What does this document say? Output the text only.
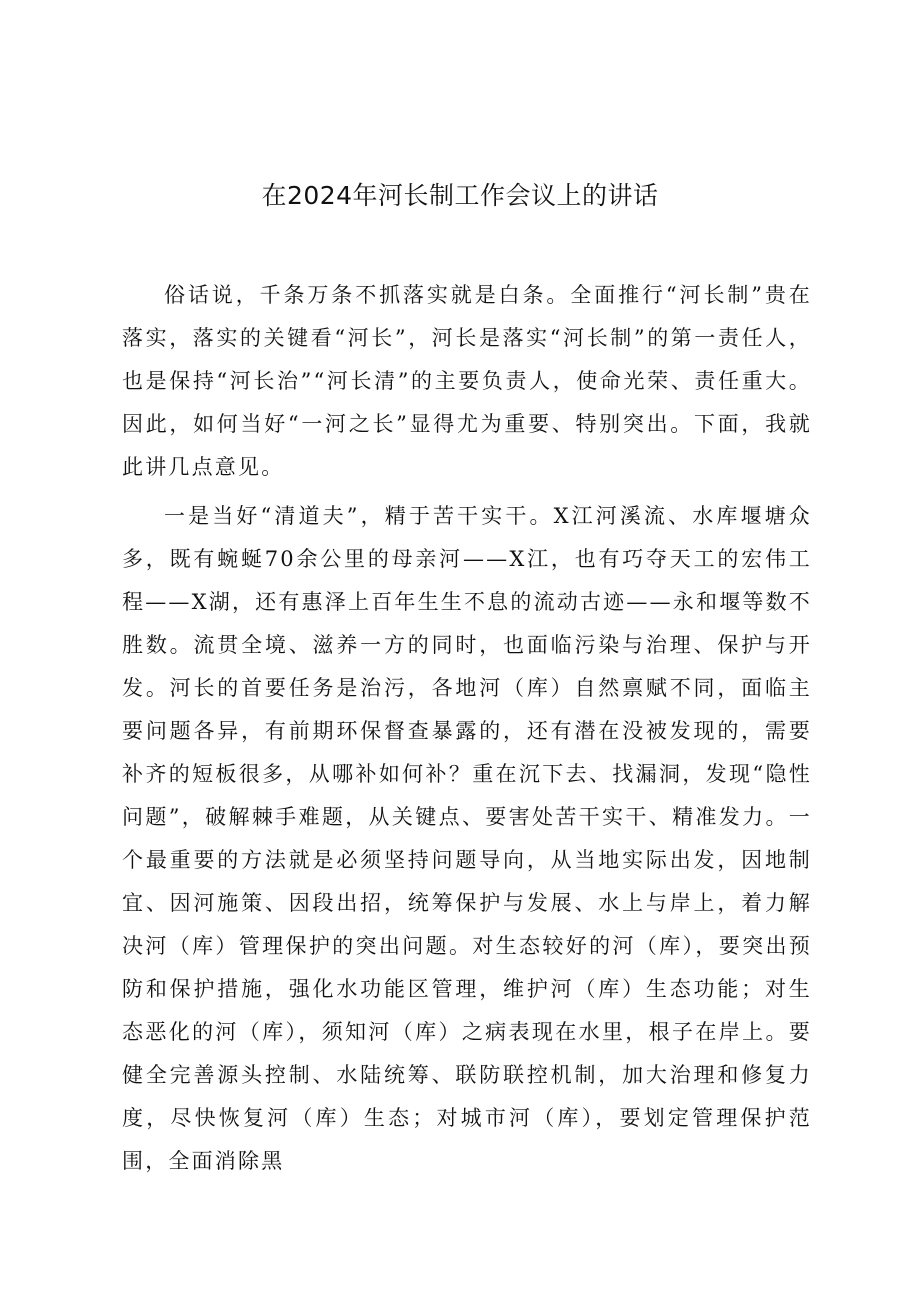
在2024年河长制工作会议上的讲话

俗话说，千条万条不抓落实就是白条。全面推行“河长制”贵在落实，落实的关键看“河长”，河长是落实“河长制”的第一责任人，也是保持“河长治”“河长清”的主要负责人，使命光荣、责任重大。因此，如何当好“一河之长”显得尤为重要、特别突出。下面，我就此讲几点意见。

一是当好“清道夫”，精于苦干实干。X江河溪流、水库堰塘众多，既有蜿蜒70余公里的母亲河——X江，也有巧夺天工的宏伟工程——X湖，还有惠泽上百年生生不息的流动古迹——永和堰等数不胜数。流贯全境、滋养一方的同时，也面临污染与治理、保护与开发。河长的首要任务是治污，各地河（库）自然禀赋不同，面临主要问题各异，有前期环保督查暴露的，还有潜在没被发现的，需要补齐的短板很多，从哪补如何补？重在沉下去、找漏洞，发现“隐性问题”，破解棘手难题，从关键点、要害处苦干实干、精准发力。一个最重要的方法就是必须坚持问题导向，从当地实际出发，因地制宜、因河施策、因段出招，统筹保护与发展、水上与岸上，着力解决河（库）管理保护的突出问题。对生态较好的河（库），要突出预防和保护措施，强化水功能区管理，维护河（库）生态功能；对生态恶化的河（库），须知河（库）之病表现在水里，根子在岸上。要健全完善源头控制、水陆统筹、联防联控机制，加大治理和修复力度，尽快恢复河（库）生态；对城市河（库），要划定管理保护范围，全面消除黑
